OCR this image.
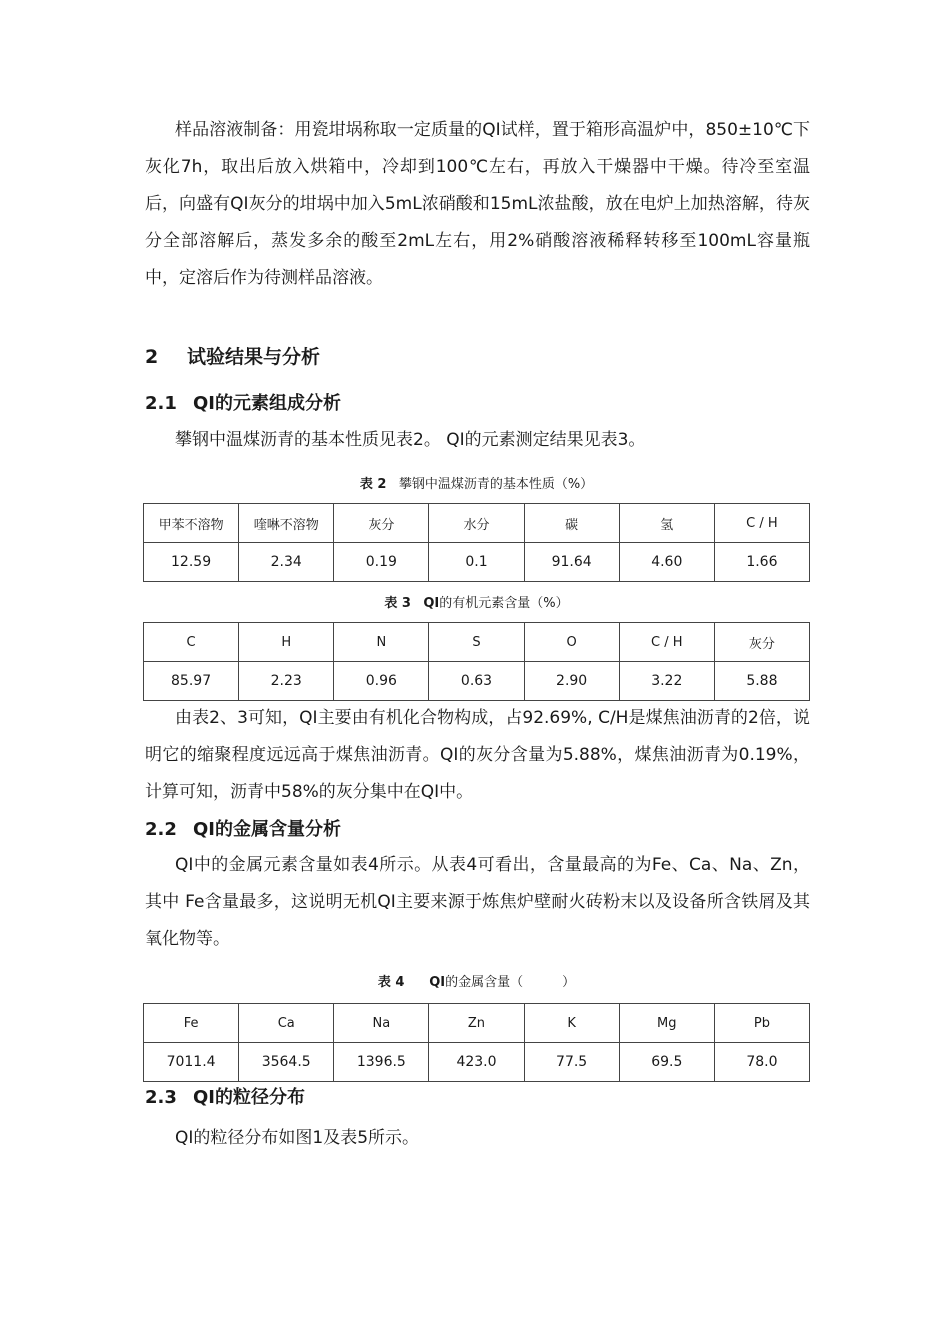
样品溶液制备：用瓷坩埚称取一定质量的QI试样，置于箱形高温炉中，850±10℃下灰化7h，取出后放入烘箱中，冷却到100℃左右，再放入干燥器中干燥。待冷至室温后，向盛有QI灰分的坩埚中加入5mL浓硝酸和15mL浓盐酸，放在电炉上加热溶解，待灰分全部溶解后，蒸发多余的酸至2mL左右，用2%硝酸溶液稀释转移至100mL容量瓶中，定溶后作为待测样品溶液。

2 试验结果与分析
2.1 QI的元素组成分析

攀钢中温煤沥青的基本性质见表2。 QI的元素测定结果见表3。

表 2 攀钢中温煤沥青的基本性质（%）

甲苯不溶物	喹啉不溶物	灰分	水分	碳	氢	C / H
12.59	2.34	0.19	0.1	91.64	4.60	1.66

表 3 QI的有机元素含量（%）

C	H	N	S	O	C / H	灰分
85.97	2.23	0.96	0.63	2.90	3.22	5.88

由表2、3可知，QI主要由有机化合物构成，占92.69%, C/H是煤焦油沥青的2倍，说明它的缩聚程度远远高于煤焦油沥青。QI的灰分含量为5.88%，煤焦油沥青为0.19%，计算可知，沥青中58%的灰分集中在QI中。

2.2 QI的金属含量分析

QI中的金属元素含量如表4所示。从表4可看出，含量最高的为Fe、Ca、Na、Zn， 其中 Fe含量最多，这说明无机QI主要来源于炼焦炉壁耐火砖粉末以及设备所含铁屑及其氧化物等。

表 4 QI的金属含量（　　　）

Fe	Ca	Na	Zn	K	Mg	Pb
7011.4	3564.5	1396.5	423.0	77.5	69.5	78.0
2.3 QI的粒径分布

QI的粒径分布如图1及表5所示。
